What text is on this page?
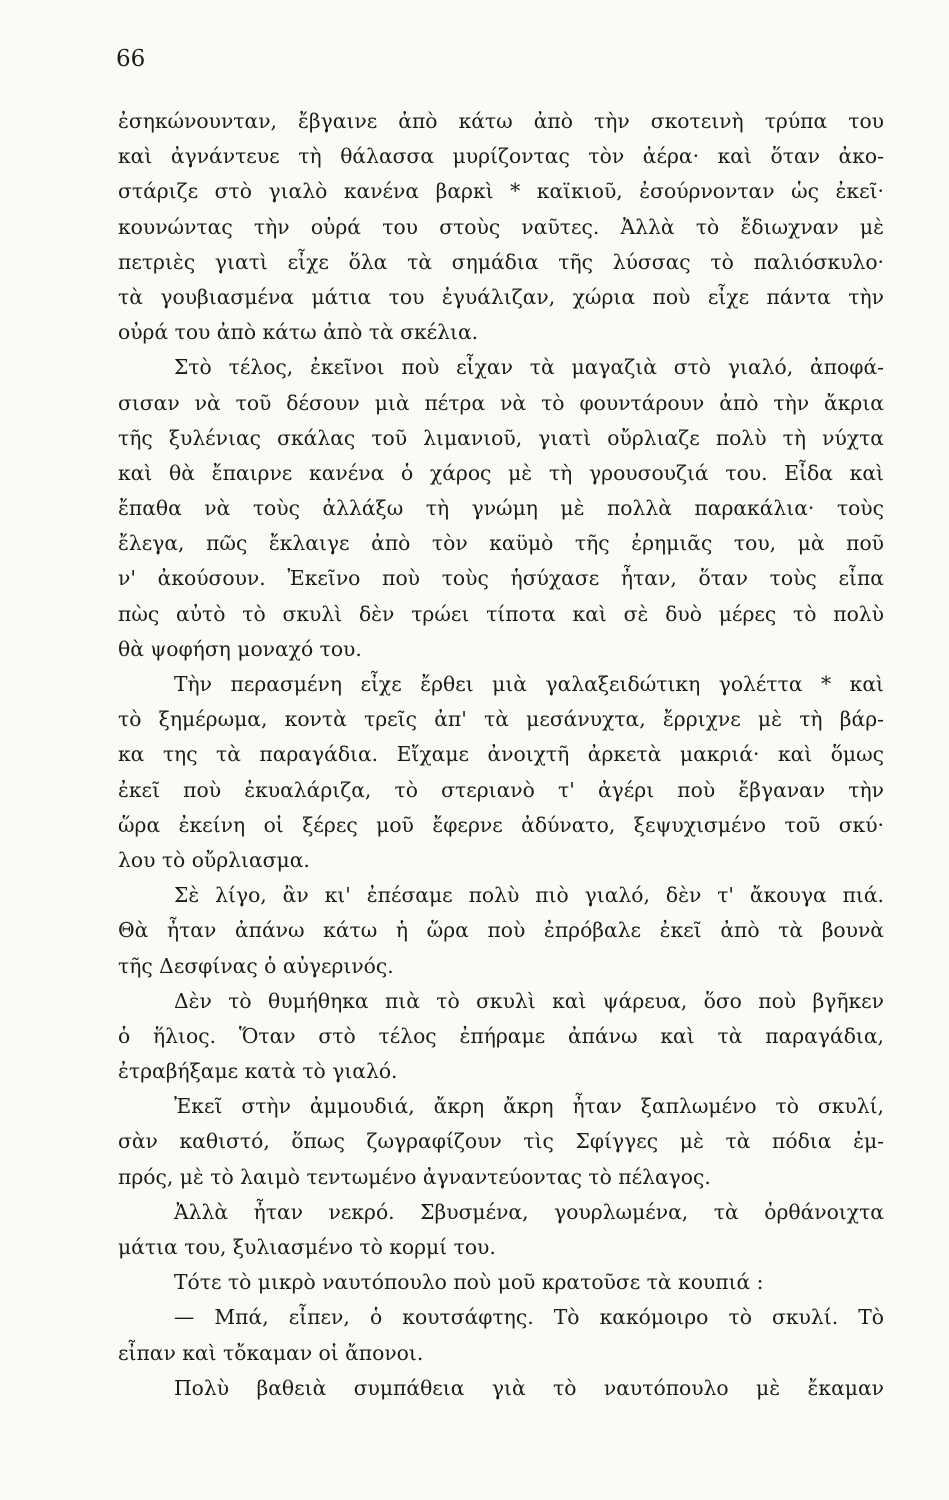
66
ἐσηκώνουνταν, ἔβγαινε ἀπὸ κάτω ἀπὸ τὴν σκοτεινὴ τρύπα του
καὶ ἀγνάντευε τὴ θάλασσα μυρίζοντας τὸν ἀέρα· καὶ ὅταν ἀκο-
στάριζε στὸ γιαλὸ κανένα βαρκὶ * καϊκιοῦ, ἐσούρνονταν ὡς ἐκεῖ·
κουνώντας τὴν οὐρά του στοὺς ναῦτες. Ἀλλὰ τὸ ἔδιωχναν μὲ
πετριὲς γιατὶ εἶχε ὅλα τὰ σημάδια τῆς λύσσας τὸ παλιόσκυλο·
τὰ γουβιασμένα μάτια του ἐγυάλιζαν, χώρια ποὺ εἶχε πάντα τὴν
οὐρά του ἀπὸ κάτω ἀπὸ τὰ σκέλια.
Στὸ τέλος, ἐκεῖνοι ποὺ εἶχαν τὰ μαγαζιὰ στὸ γιαλό, ἀποφά-
σισαν νὰ τοῦ δέσουν μιὰ πέτρα νὰ τὸ φουντάρουν ἀπὸ τὴν ἄκρια
τῆς ξυλένιας σκάλας τοῦ λιμανιοῦ, γιατὶ οὔρλιαζε πολὺ τὴ νύχτα
καὶ θὰ ἔπαιρνε κανένα ὁ χάρος μὲ τὴ γρουσουζιά του. Εἶδα καὶ
ἔπαθα νὰ τοὺς ἀλλάξω τὴ γνώμη μὲ πολλὰ παρακάλια· τοὺς
ἔλεγα, πῶς ἔκλαιγε ἀπὸ τὸν καϋμὸ τῆς ἐρημιᾶς του, μὰ ποῦ
ν' ἀκούσουν. Ἐκεῖνο ποὺ τοὺς ἡσύχασε ἦταν, ὅταν τοὺς εἶπα
πὼς αὐτὸ τὸ σκυλὶ δὲν τρώει τίποτα καὶ σὲ δυὸ μέρες τὸ πολὺ
θὰ ψοφήση μοναχό του.
Τὴν περασμένη εἶχε ἔρθει μιὰ γαλαξειδώτικη γολέττα * καὶ
τὸ ξημέρωμα, κοντὰ τρεῖς ἀπ' τὰ μεσάνυχτα, ἔρριχνε μὲ τὴ βάρ-
κα της τὰ παραγάδια. Εἴχαμε ἀνοιχτῆ ἀρκετὰ μακριά· καὶ ὅμως
ἐκεῖ ποὺ ἐκυαλάριζα, τὸ στεριανὸ τ' ἀγέρι ποὺ ἔβγαναν τὴν
ὥρα ἐκείνη οἱ ξέρες μοῦ ἔφερνε ἀδύνατο, ξεψυχισμένο τοῦ σκύ·
λου τὸ οὔρλιασμα.
Σὲ λίγο, ἂν κι' ἐπέσαμε πολὺ πιὸ γιαλό, δὲν τ' ἄκουγα πιά.
Θὰ ἦταν ἀπάνω κάτω ἡ ὥρα ποὺ ἐπρόβαλε ἐκεῖ ἀπὸ τὰ βουνὰ
τῆς Δεσφίνας ὁ αὐγερινός.
Δὲν τὸ θυμήθηκα πιὰ τὸ σκυλὶ καὶ ψάρευα, ὅσο ποὺ βγῆκεν
ὁ ἥλιος. Ὅταν στὸ τέλος ἐπήραμε ἀπάνω καὶ τὰ παραγάδια,
ἐτραβήξαμε κατὰ τὸ γιαλό.
Ἐκεῖ στὴν ἀμμουδιά, ἄκρη ἄκρη ἦταν ξαπλωμένο τὸ σκυλί,
σὰν καθιστό, ὅπως ζωγραφίζουν τὶς Σφίγγες μὲ τὰ πόδια ἐμ-
πρός, μὲ τὸ λαιμὸ τεντωμένο ἀγναντεύοντας τὸ πέλαγος.
Ἀλλὰ ἦταν νεκρό. Σβυσμένα, γουρλωμένα, τὰ ὀρθάνοιχτα
μάτια του, ξυλιασμένο τὸ κορμί του.
Τότε τὸ μικρὸ ναυτόπουλο ποὺ μοῦ κρατοῦσε τὰ κουπιά :
— Μπά, εἶπεν, ὁ κουτσάφτης. Τὸ κακόμοιρο τὸ σκυλί. Τὸ
εἶπαν καὶ τὄκαμαν οἱ ἄπονοι.
Πολὺ βαθειὰ συμπάθεια γιὰ τὸ ναυτόπουλο μὲ ἔκαμαν
